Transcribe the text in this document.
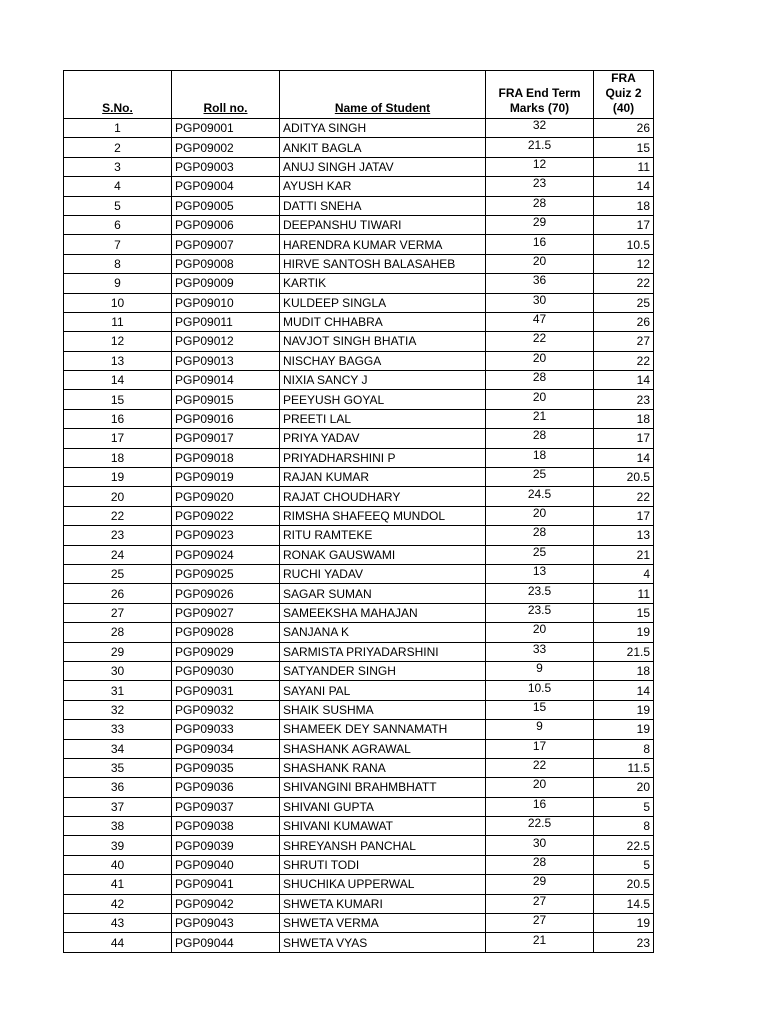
S.No.	Roll no.	Name of Student	FRA End Term Marks (70)	FRA Quiz 2 (40)
1	PGP09001	ADITYA SINGH	32	26
2	PGP09002	ANKIT BAGLA	21.5	15
3	PGP09003	ANUJ SINGH JATAV	12	11
4	PGP09004	AYUSH KAR	23	14
5	PGP09005	DATTI SNEHA	28	18
6	PGP09006	DEEPANSHU TIWARI	29	17
7	PGP09007	HARENDRA KUMAR VERMA	16	10.5
8	PGP09008	HIRVE SANTOSH BALASAHEB	20	12
9	PGP09009	KARTIK	36	22
10	PGP09010	KULDEEP SINGLA	30	25
11	PGP09011	MUDIT CHHABRA	47	26
12	PGP09012	NAVJOT SINGH BHATIA	22	27
13	PGP09013	NISCHAY BAGGA	20	22
14	PGP09014	NIXIA SANCY J	28	14
15	PGP09015	PEEYUSH GOYAL	20	23
16	PGP09016	PREETI LAL	21	18
17	PGP09017	PRIYA YADAV	28	17
18	PGP09018	PRIYADHARSHINI P	18	14
19	PGP09019	RAJAN KUMAR	25	20.5
20	PGP09020	RAJAT CHOUDHARY	24.5	22
22	PGP09022	RIMSHA SHAFEEQ MUNDOL	20	17
23	PGP09023	RITU RAMTEKE	28	13
24	PGP09024	RONAK GAUSWAMI	25	21
25	PGP09025	RUCHI YADAV	13	4
26	PGP09026	SAGAR SUMAN	23.5	11
27	PGP09027	SAMEEKSHA MAHAJAN	23.5	15
28	PGP09028	SANJANA K	20	19
29	PGP09029	SARMISTA PRIYADARSHINI	33	21.5
30	PGP09030	SATYANDER SINGH	9	18
31	PGP09031	SAYANI PAL	10.5	14
32	PGP09032	SHAIK SUSHMA	15	19
33	PGP09033	SHAMEEK DEY SANNAMATH	9	19
34	PGP09034	SHASHANK AGRAWAL	17	8
35	PGP09035	SHASHANK RANA	22	11.5
36	PGP09036	SHIVANGINI BRAHMBHATT	20	20
37	PGP09037	SHIVANI GUPTA	16	5
38	PGP09038	SHIVANI KUMAWAT	22.5	8
39	PGP09039	SHREYANSH PANCHAL	30	22.5
40	PGP09040	SHRUTI TODI	28	5
41	PGP09041	SHUCHIKA UPPERWAL	29	20.5
42	PGP09042	SHWETA KUMARI	27	14.5
43	PGP09043	SHWETA VERMA	27	19
44	PGP09044	SHWETA VYAS	21	23
